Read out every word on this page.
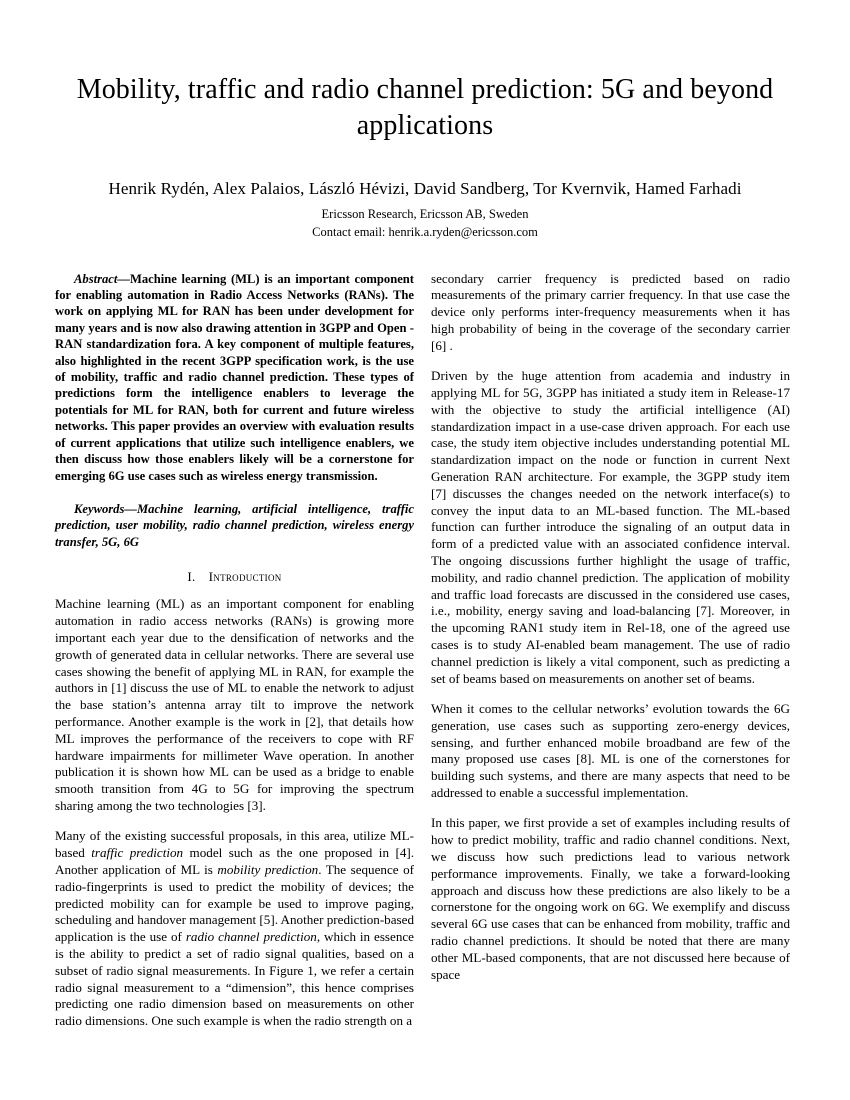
Mobility, traffic and radio channel prediction: 5G and beyond applications
Henrik Rydén, Alex Palaios, László Hévizi, David Sandberg, Tor Kvernvik, Hamed Farhadi
Ericsson Research, Ericsson AB, Sweden
Contact email: henrik.a.ryden@ericsson.com

Abstract—Machine learning (ML) is an important component for enabling automation in Radio Access Networks (RANs). The work on applying ML for RAN has been under development for many years and is now also drawing attention in 3GPP and Open -RAN standardization fora. A key component of multiple features, also highlighted in the recent 3GPP specification work, is the use of mobility, traffic and radio channel prediction. These types of predictions form the intelligence enablers to leverage the potentials for ML for RAN, both for current and future wireless networks. This paper provides an overview with evaluation results of current applications that utilize such intelligence enablers, we then discuss how those enablers likely will be a cornerstone for emerging 6G use cases such as wireless energy transmission.

Keywords—Machine learning, artificial intelligence, traffic prediction, user mobility, radio channel prediction, wireless energy transfer, 5G, 6G

I. Introduction

Machine learning (ML) as an important component for enabling automation in radio access networks (RANs) is growing more important each year due to the densification of networks and the growth of generated data in cellular networks. There are several use cases showing the benefit of applying ML in RAN, for example the authors in [1] discuss the use of ML to enable the network to adjust the base station’s antenna array tilt to improve the network performance. Another example is the work in [2], that details how ML improves the performance of the receivers to cope with RF hardware impairments for millimeter Wave operation. In another publication it is shown how ML can be used as a bridge to enable smooth transition from 4G to 5G for improving the spectrum sharing among the two technologies [3].

Many of the existing successful proposals, in this area, utilize ML-based traffic prediction model such as the one proposed in [4]. Another application of ML is mobility prediction. The sequence of radio-fingerprints is used to predict the mobility of devices; the predicted mobility can for example be used to improve paging, scheduling and handover management [5]. Another prediction-based application is the use of radio channel prediction, which in essence is the ability to predict a set of radio signal qualities, based on a subset of radio signal measurements. In Figure 1, we refer a certain radio signal measurement to a “dimension”, this hence comprises predicting one radio dimension based on measurements on other radio dimensions. One such example is when the radio strength on a

secondary carrier frequency is predicted based on radio measurements of the primary carrier frequency. In that use case the device only performs inter-frequency measurements when it has high probability of being in the coverage of the secondary carrier [6] .

Driven by the huge attention from academia and industry in applying ML for 5G, 3GPP has initiated a study item in Release-17 with the objective to study the artificial intelligence (AI) standardization impact in a use-case driven approach. For each use case, the study item objective includes understanding potential ML standardization impact on the node or function in current Next Generation RAN architecture. For example, the 3GPP study item [7] discusses the changes needed on the network interface(s) to convey the input data to an ML-based function. The ML-based function can further introduce the signaling of an output data in form of a predicted value with an associated confidence interval. The ongoing discussions further highlight the usage of traffic, mobility, and radio channel prediction. The application of mobility and traffic load forecasts are discussed in the considered use cases, i.e., mobility, energy saving and load-balancing [7]. Moreover, in the upcoming RAN1 study item in Rel-18, one of the agreed use cases is to study AI-enabled beam management. The use of radio channel prediction is likely a vital component, such as predicting a set of beams based on measurements on another set of beams.

When it comes to the cellular networks’ evolution towards the 6G generation, use cases such as supporting zero-energy devices, sensing, and further enhanced mobile broadband are few of the many proposed use cases [8]. ML is one of the cornerstones for building such systems, and there are many aspects that need to be addressed to enable a successful implementation.

In this paper, we first provide a set of examples including results of how to predict mobility, traffic and radio channel conditions. Next, we discuss how such predictions lead to various network performance improvements. Finally, we take a forward-looking approach and discuss how these predictions are also likely to be a cornerstone for the ongoing work on 6G. We exemplify and discuss several 6G use cases that can be enhanced from mobility, traffic and radio channel predictions. It should be noted that there are many other ML-based components, that are not discussed here because of space
